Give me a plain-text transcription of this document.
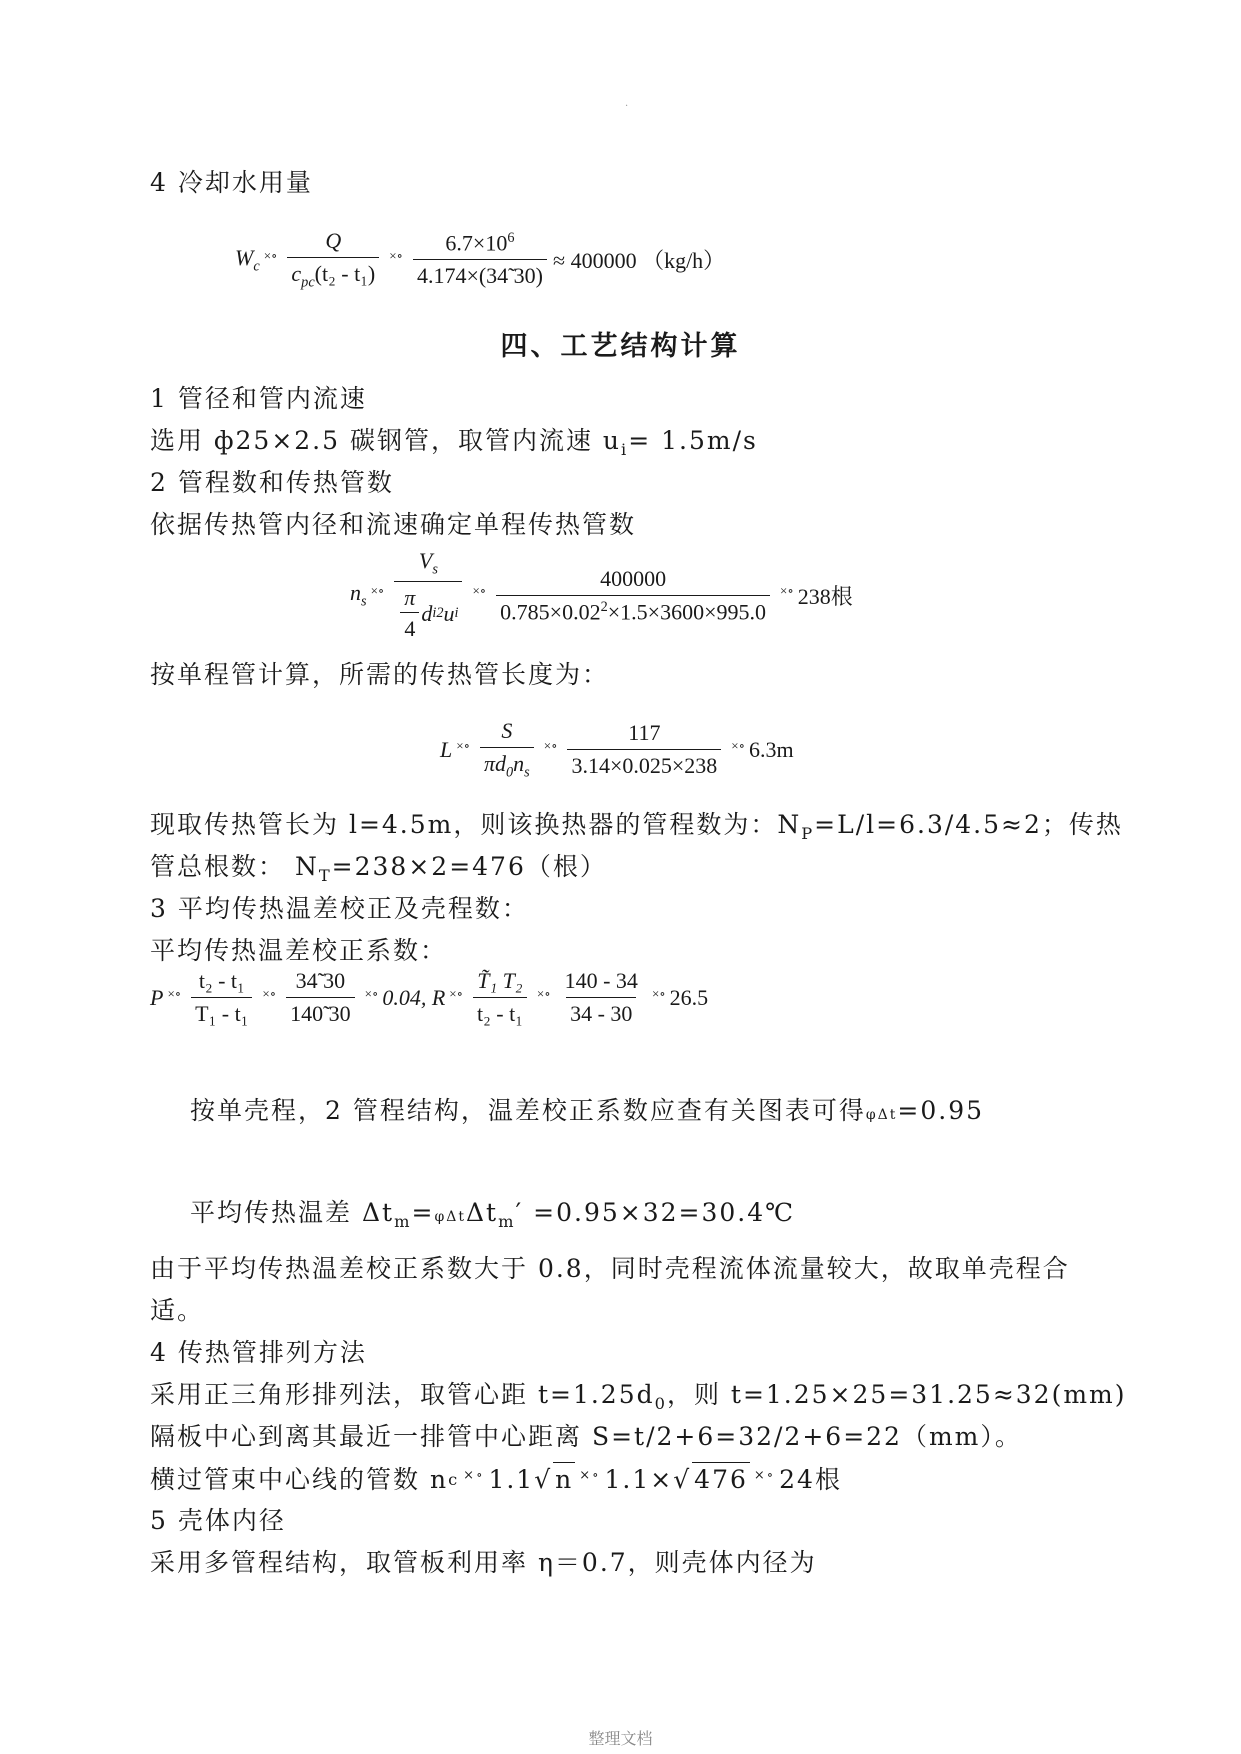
.
4 冷却水用量
$W_c$
×∘ $\frac{Q}{c_{pc}(t_2 - t_1)}$ ×∘ $\frac{6.7\times 10^6}{4.174\times(34̃ 30)} \approx 400000$ （kg/h）
四、工艺结构计算
1 管径和管内流速
选用 ф25×2.5 碳钢管，取管内流速 $u_i= 1.5m/s$
2 管程数和传热管数
依据传热管内径和流速确定单程传热管数
$n_s$
×∘ $\frac{V_s}{\frac{\pi}{4} d i 2 u i}$ ×∘ $\frac{400000}{0.785\times 0.02^2\times 1.5\times 3600\times 995.0}$ ×∘ 238根
按单程管计算，所需的传热管长度为：
L ×∘ $\frac{S}{\pi d_0n_s}$ ×∘ $\frac{117}{3.14\times 0.025\times 238}$ ×∘ 6.3m
现取传热管长为 l=4.5m，则该换热器的管程数为：$N_P=L/l=6.3/4.5\approx 2$；传热
管总根数： $N_T=238\times 2=476$（根）
3 平均传热温差校正及壳程数：
平均传热温差校正系数：
P ×∘ $\frac{\text{t₂ - t₁}}{\text{T₁ - t₁}}$ ×∘ $\frac{34̃ 30}{140̃ 30}$ ×∘ 0.04, R ×∘ $\frac{\text{T̃₁ T₂}}{\text{t₂ - t₁}}$ ×∘ $\frac{140 - 34}{34 - 30}$ ×∘ 26.5
按单壳程，2 管程结构，温差校正系数应查有关图表可得φΔt=0.95
平均传热温差 $\Delta t_m=\varphi\Delta t\Delta t_m'$ =0.95×32=30.4℃
由于平均传热温差校正系数大于 0.8，同时壳程流体流量较大，故取单壳程合
适。
4 传热管排列方法
采用正三角形排列法，取管心距 $t=1.25d_0$，则 t=1.25×25=31.25≈32(mm)
隔板中心到离其最近一排管中心距离 S=t/2+6=32/2+6=22（mm）。
横过管束中心线的管数 n c ×∘ 1.1 √ n ×∘ 1.1× √ 476 ×∘ 24根
5 壳体内径
采用多管程结构，取管板利用率 η＝0.7，则壳体内径为
整理文档
